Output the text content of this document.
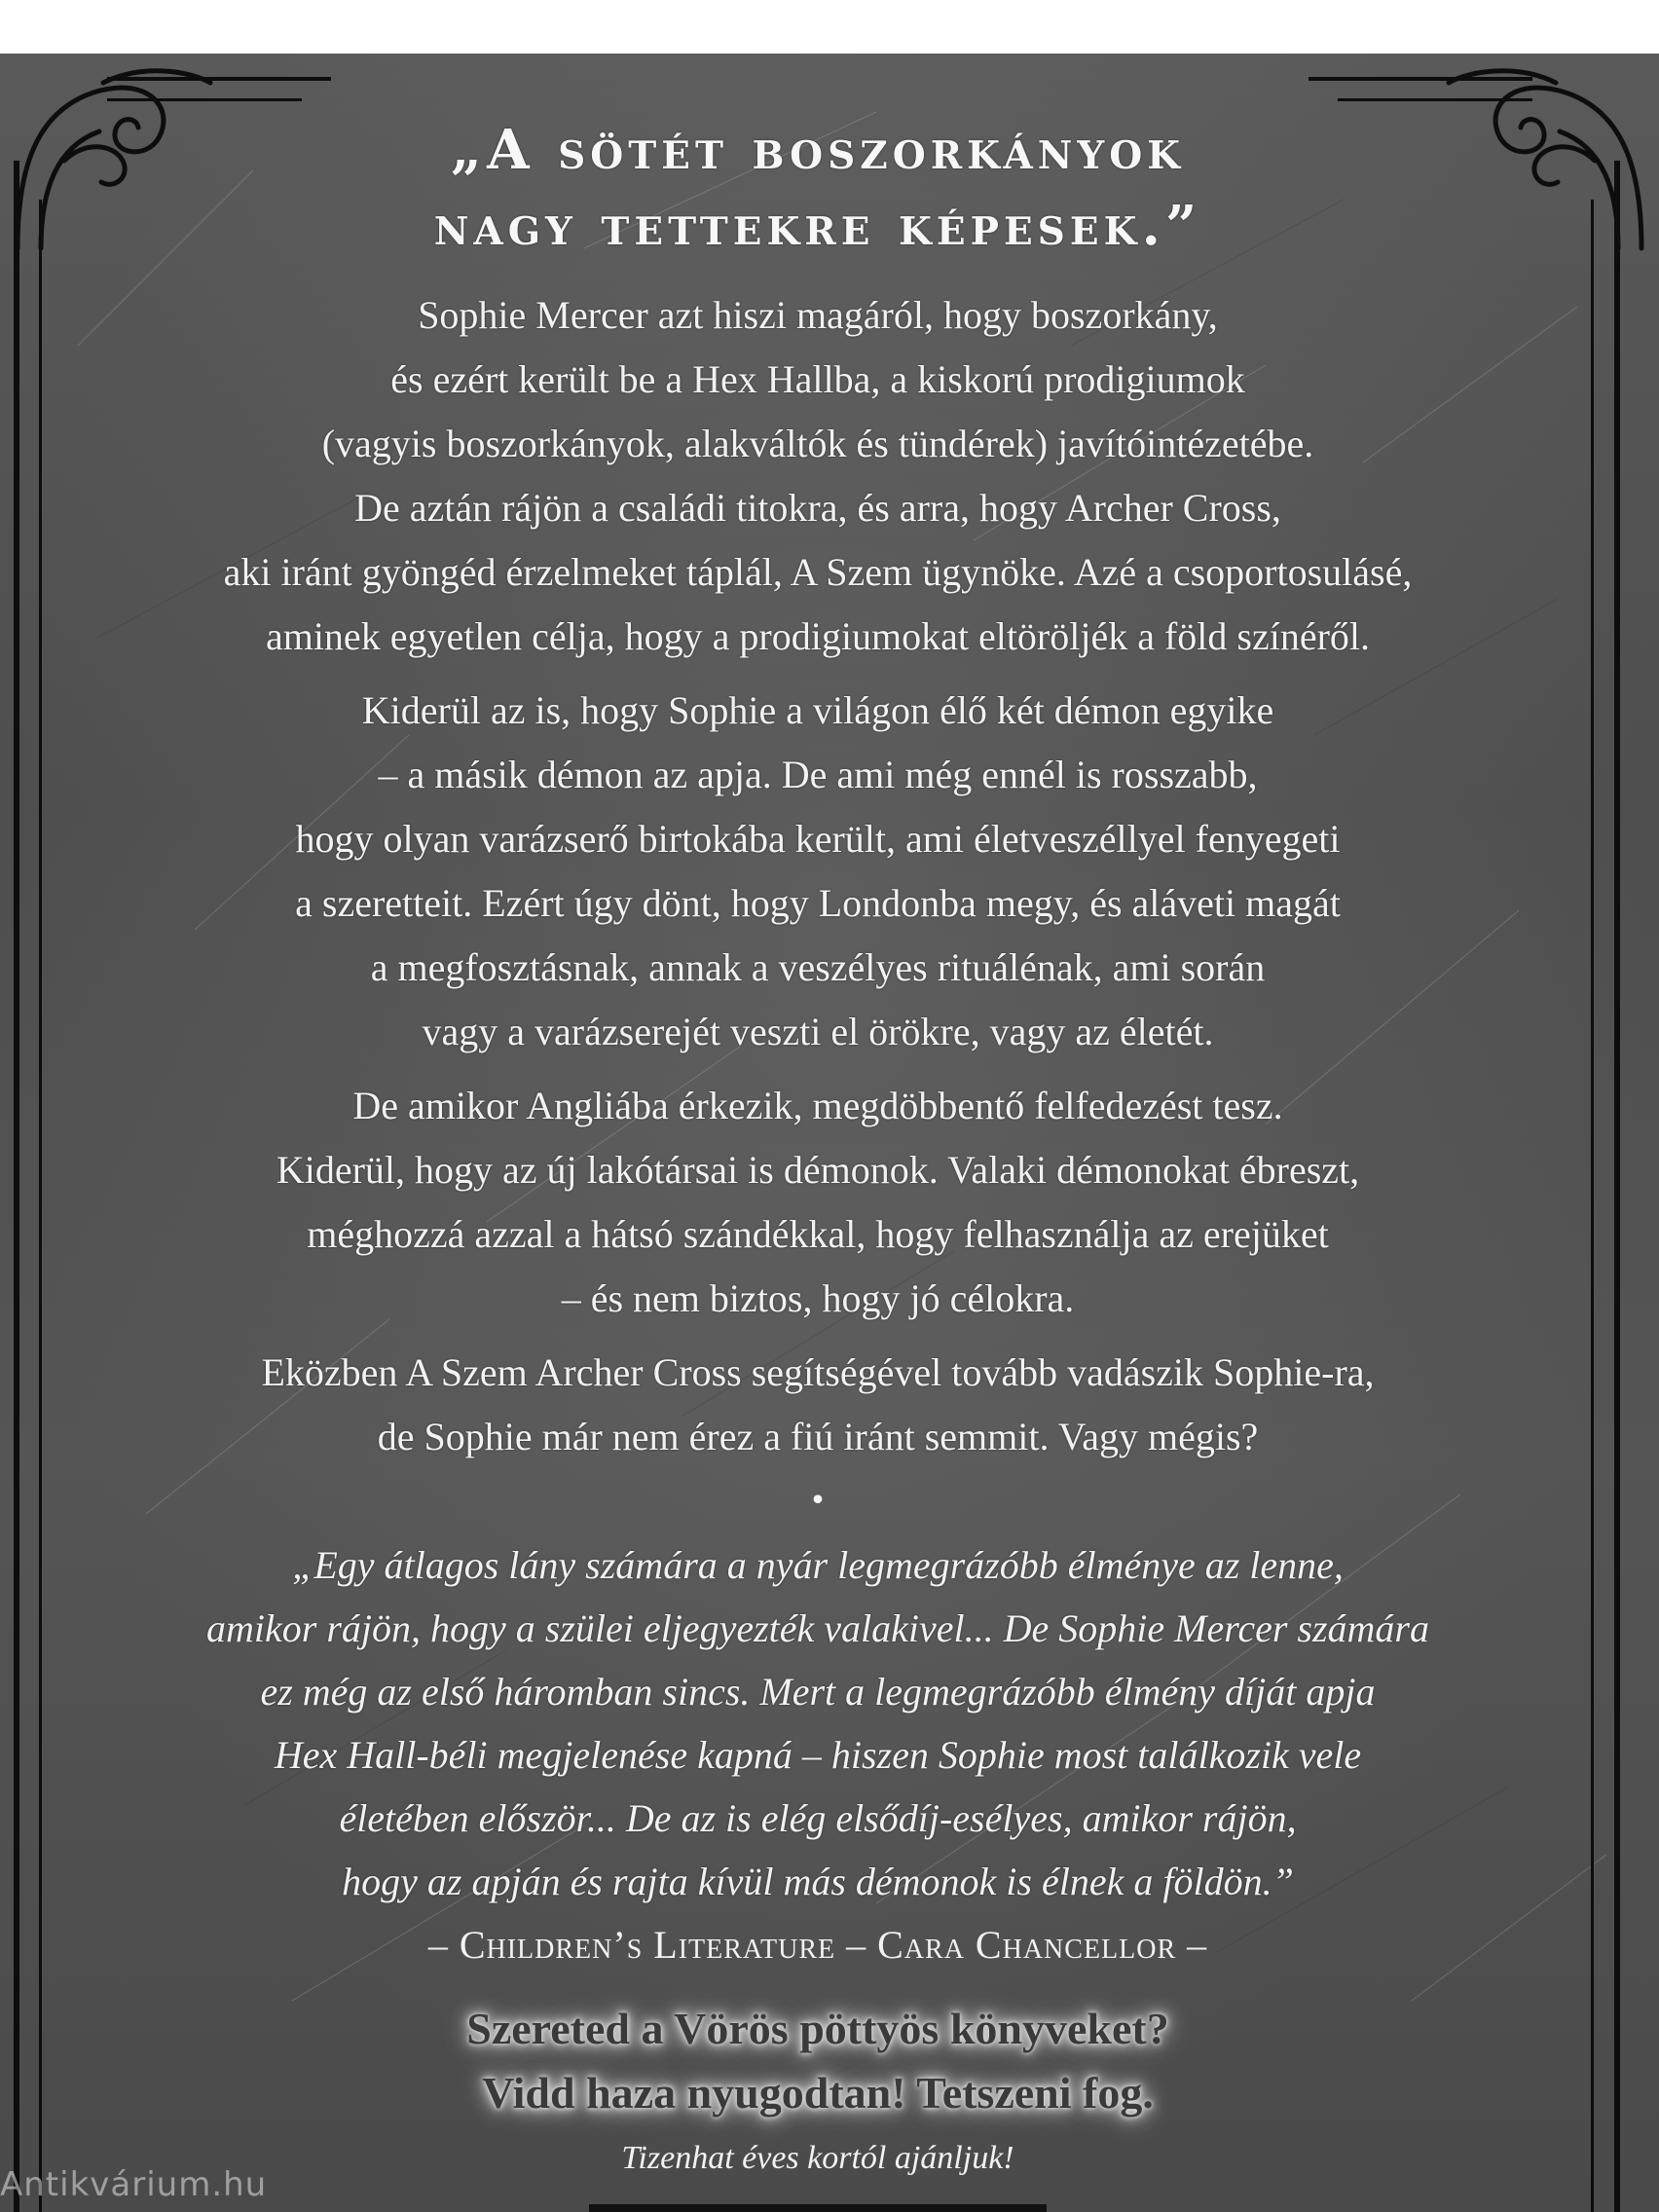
„A sötét boszorkányok
nagy tettekre képesek.”

Sophie Mercer azt hiszi magáról, hogy boszorkány,
és ezért került be a Hex Hallba, a kiskorú prodigiumok
(vagyis boszorkányok, alakváltók és tündérek) javítóintézetébe.
De aztán rájön a családi titokra, és arra, hogy Archer Cross,
aki iránt gyöngéd érzelmeket táplál, A Szem ügynöke. Azé a csoportosulásé,
aminek egyetlen célja, hogy a prodigiumokat eltöröljék a föld színéről.

Kiderül az is, hogy Sophie a világon élő két démon egyike
– a másik démon az apja. De ami még ennél is rosszabb,
hogy olyan varázserő birtokába került, ami életveszéllyel fenyegeti
a szeretteit. Ezért úgy dönt, hogy Londonba megy, és aláveti magát
a megfosztásnak, annak a veszélyes rituálénak, ami során
vagy a varázserejét veszti el örökre, vagy az életét.

De amikor Angliába érkezik, megdöbbentő felfedezést tesz.
Kiderül, hogy az új lakótársai is démonok. Valaki démonokat ébreszt,
méghozzá azzal a hátsó szándékkal, hogy felhasználja az erejüket
– és nem biztos, hogy jó célokra.

Eközben A Szem Archer Cross segítségével tovább vadászik Sophie-ra,
de Sophie már nem érez a fiú iránt semmit. Vagy mégis?

•

„Egy átlagos lány számára a nyár legmegrázóbb élménye az lenne,
amikor rájön, hogy a szülei eljegyezték valakivel... De Sophie Mercer számára
ez még az első háromban sincs. Mert a legmegrázóbb élmény díját apja
Hex Hall-béli megjelenése kapná – hiszen Sophie most találkozik vele
életében először... De az is elég elsődíj-esélyes, amikor rájön,
hogy az apján és rajta kívül más démonok is élnek a földön.”

– Children’s Literature – Cara Chancellor –

Szereted a Vörös pöttyös könyveket?
Vidd haza nyugodtan! Tetszeni fog.

Tizenhat éves kortól ajánljuk!
Antikvárium.hu
